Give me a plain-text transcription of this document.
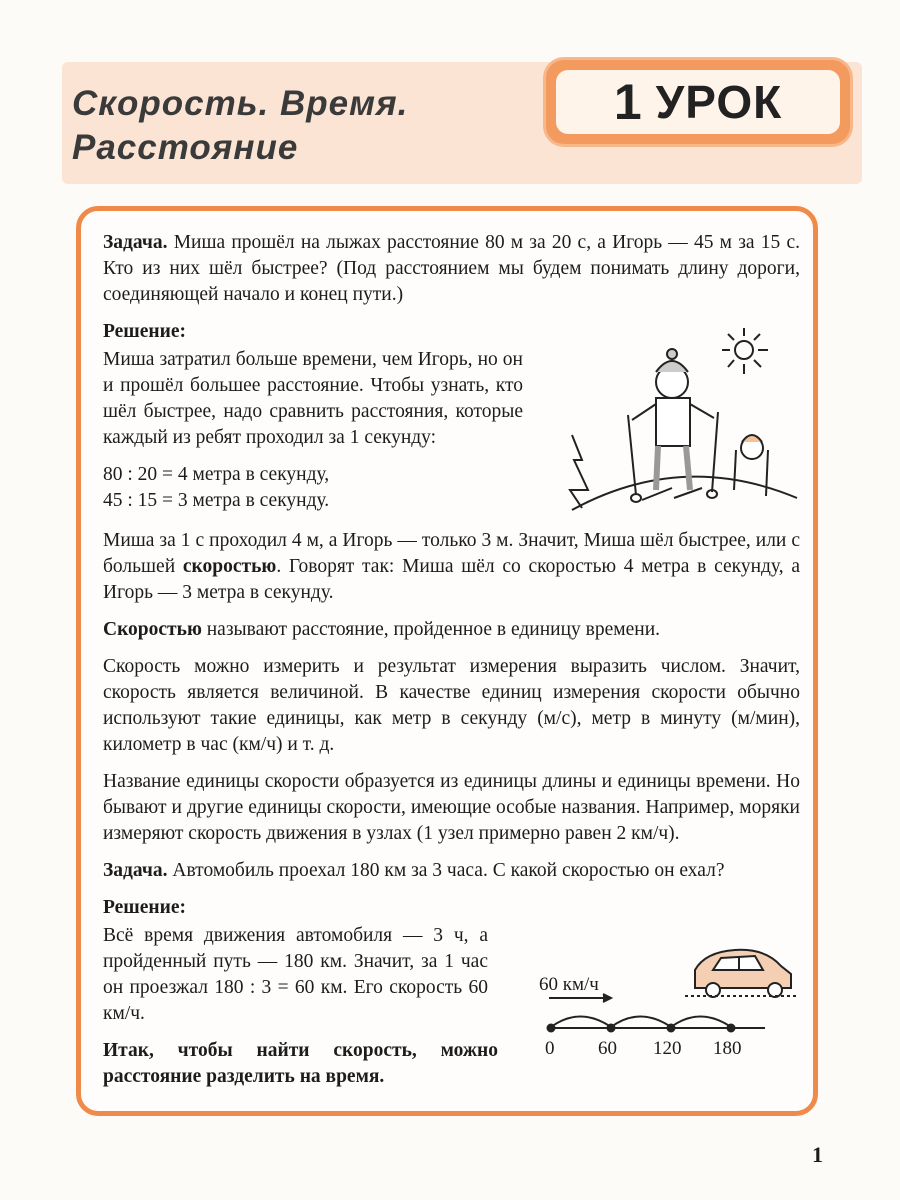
Скорость. Время.
Расстояние
1 УРОК

Задача. Миша прошёл на лыжах расстояние 80 м за 20 с, а Игорь — 45 м за 15 с. Кто из них шёл быстрее? (Под расстоянием мы будем понимать длину дороги, соединяющей начало и конец пути.)

Решение:

Миша затратил больше времени, чем Игорь, но он и прошёл большее расстояние. Чтобы узнать, кто шёл быстрее, надо сравнить расстояния, которые каждый из ребят проходил за 1 секунду:

80 : 20 = 4 метра в секунду,

45 : 15 = 3 метра в секунду.

Миша за 1 с проходил 4 м, а Игорь — только 3 м. Значит, Миша шёл быстрее, или с большей скоростью. Говорят так: Миша шёл со скоростью 4 метра в секунду, а Игорь — 3 метра в секунду.

Скоростью называют расстояние, пройденное в единицу времени.

Скорость можно измерить и результат измерения выразить числом. Значит, скорость является величиной. В качестве единиц измерения скорости обычно используют такие единицы, как метр в секунду (м/с), метр в минуту (м/мин), километр в час (км/ч) и т. д.

Название единицы скорости образуется из единицы длины и единицы времени. Но бывают и другие единицы скорости, имеющие особые названия. Например, моряки измеряют скорость движения в узлах (1 узел примерно равен 2 км/ч).

Задача. Автомобиль проехал 180 км за 3 часа. С какой скоростью он ехал?

Решение:

Всё время движения автомобиля — 3 ч, а пройденный путь — 180 км. Значит, за 1 час он проезжал 180 : 3 = 60 км. Его скорость 60 км/ч.

Итак, чтобы найти скорость, можно расстояние разделить на время.

60 км/ч
0 60 120 180
1
